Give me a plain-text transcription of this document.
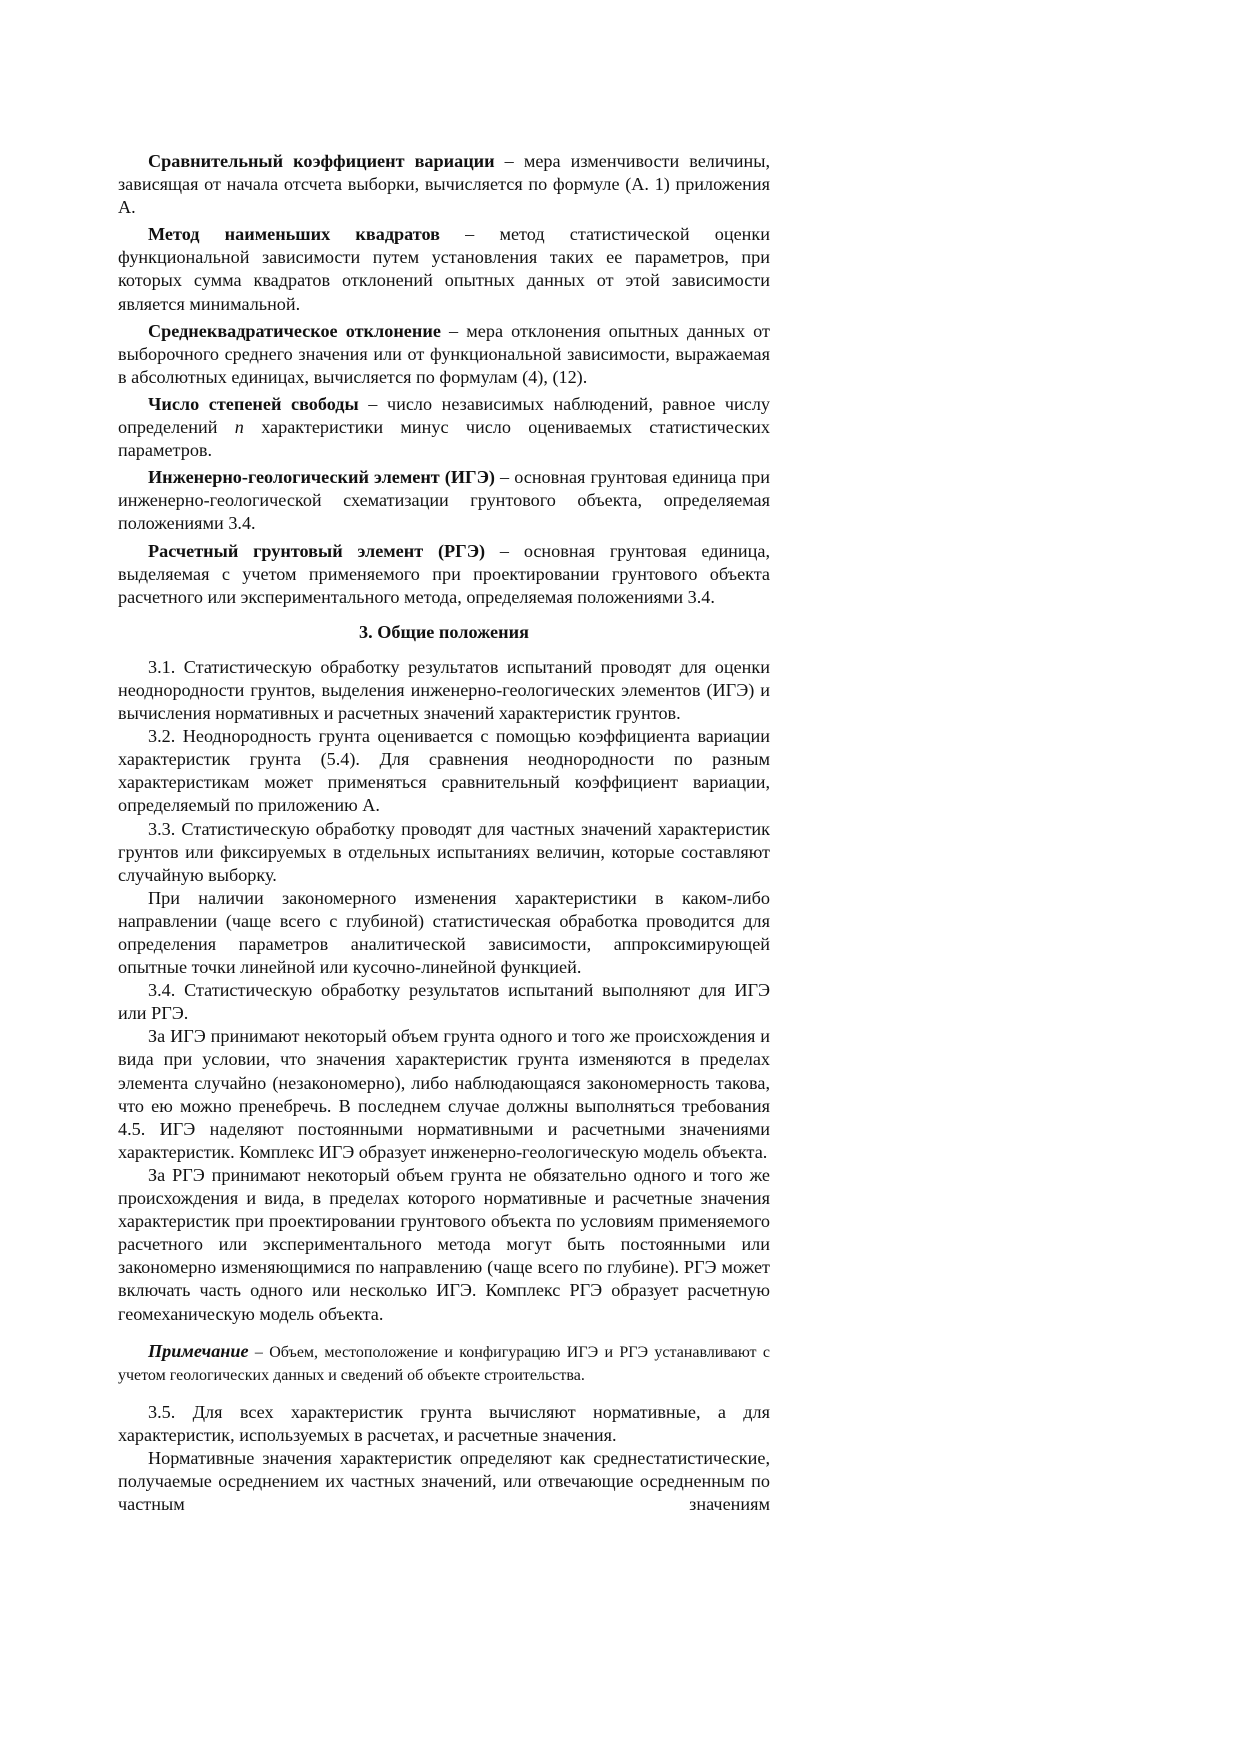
Сравнительный коэффициент вариации – мера изменчивости величины, зависящая от начала отсчета выборки, вычисляется по формуле (А. 1) приложения А.

Метод наименьших квадратов – метод статистической оценки функциональной зависимости путем установления таких ее параметров, при которых сумма квадратов отклонений опытных данных от этой зависимости является минимальной.

Среднеквадратическое отклонение – мера отклонения опытных данных от выборочного среднего значения или от функциональной зависимости, выражаемая в абсолютных единицах, вычисляется по формулам (4), (12).

Число степеней свободы – число независимых наблюдений, равное числу определений n характеристики минус число оцениваемых статистических параметров.

Инженерно-геологический элемент (ИГЭ) – основная грунтовая единица при инженерно-геологической схематизации грунтового объекта, определяемая положениями 3.4.

Расчетный грунтовый элемент (РГЭ) – основная грунтовая единица, выделяемая с учетом применяемого при проектировании грунтового объекта расчетного или экспериментального метода, определяемая положениями 3.4.

3. Общие положения

3.1. Статистическую обработку результатов испытаний проводят для оценки неоднородности грунтов, выделения инженерно-геологических элементов (ИГЭ) и вычисления нормативных и расчетных значений характеристик грунтов.

3.2. Неоднородность грунта оценивается с помощью коэффициента вариации характеристик грунта (5.4). Для сравнения неоднородности по разным характеристикам может применяться сравнительный коэффициент вариации, определяемый по приложению А.

3.3. Статистическую обработку проводят для частных значений характеристик грунтов или фиксируемых в отдельных испытаниях величин, которые составляют случайную выборку.

При наличии закономерного изменения характеристики в каком-либо направлении (чаще всего с глубиной) статистическая обработка проводится для определения параметров аналитической зависимости, аппроксимирующей опытные точки линейной или кусочно-линейной функцией.

3.4. Статистическую обработку результатов испытаний выполняют для ИГЭ или РГЭ.

За ИГЭ принимают некоторый объем грунта одного и того же происхождения и вида при условии, что значения характеристик грунта изменяются в пределах элемента случайно (незакономерно), либо наблюдающаяся закономерность такова, что ею можно пренебречь. В последнем случае должны выполняться требования 4.5. ИГЭ наделяют постоянными нормативными и расчетными значениями характеристик. Комплекс ИГЭ образует инженерно-геологическую модель объекта.

За РГЭ принимают некоторый объем грунта не обязательно одного и того же происхождения и вида, в пределах которого нормативные и расчетные значения характеристик при проектировании грунтового объекта по условиям применяемого расчетного или экспериментального метода могут быть постоянными или закономерно изменяющимися по направлению (чаще всего по глубине). РГЭ может включать часть одного или несколько ИГЭ. Комплекс РГЭ образует расчетную геомеханическую модель объекта.

Примечание – Объем, местоположение и конфигурацию ИГЭ и РГЭ устанавливают с учетом геологических данных и сведений об объекте строительства.

3.5. Для всех характеристик грунта вычисляют нормативные, а для характеристик, используемых в расчетах, и расчетные значения.

Нормативные значения характеристик определяют как среднестатистические, получаемые осреднением их частных значений, или отвечающие осредненным по частным значениям
